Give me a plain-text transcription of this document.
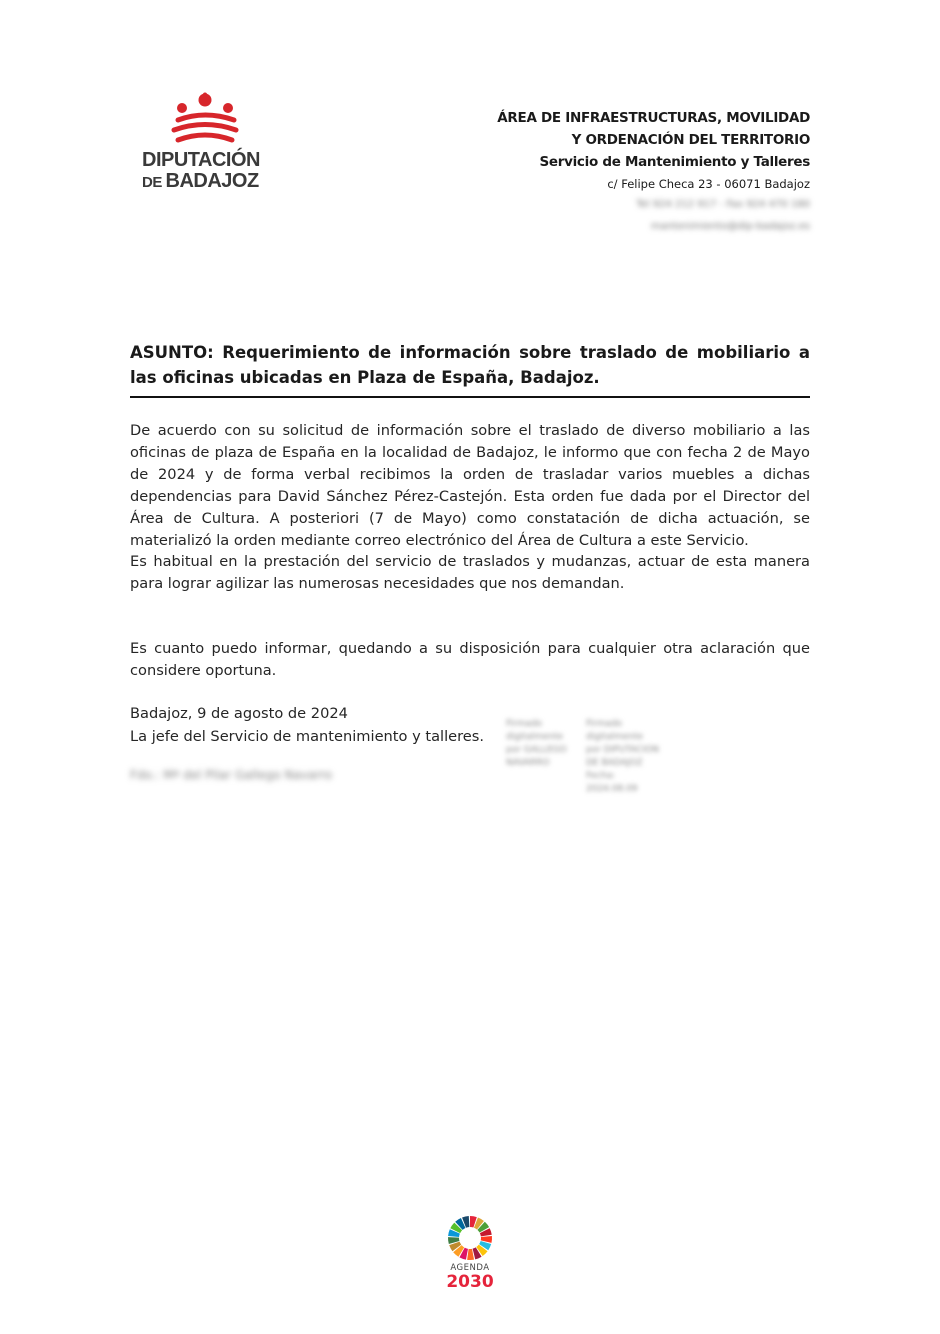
DIPUTACIÓN
DE BADAJOZ
ÁREA DE INFRAESTRUCTURAS, MOVILIDAD
Y ORDENACIÓN DEL TERRITORIO
Servicio de Mantenimiento y Talleres
c/ Felipe Checa 23 - 06071 Badajoz
Tel 924 212 917 - Fax 924 470 180
mantenimiento@dip-badajoz.es
ASUNTO: Requerimiento de información sobre traslado de mobiliario a las oficinas ubicadas en Plaza de España, Badajoz.

De acuerdo con su solicitud de información sobre el traslado de diverso mobiliario a las oficinas de plaza de España en la localidad de Badajoz, le informo que con fecha 2 de Mayo de 2024 y de forma verbal recibimos la orden de trasladar varios muebles a dichas dependencias para David Sánchez Pérez-Castejón. Esta orden fue dada por el Director del Área de Cultura. A posteriori (7 de Mayo) como constatación de dicha actuación, se materializó la orden mediante correo electrónico del Área de Cultura a este Servicio.

Es habitual en la prestación del servicio de traslados y mudanzas, actuar de esta manera para lograr agilizar las numerosas necesidades que nos demandan.

Es cuanto puedo informar, quedando a su disposición para cualquier otra aclaración que considere oportuna.

Badajoz, 9 de agosto de 2024
La jefe del Servicio de mantenimiento y talleres.
Fdo.: Mª del Pilar Gallego Navarro
Firmado
digitalmente
por GALLEGO
NAVARRO
Firmado digitalmente
por DIPUTACION
DE BADAJOZ
Fecha: 2024.08.09
AGENDA
2030
